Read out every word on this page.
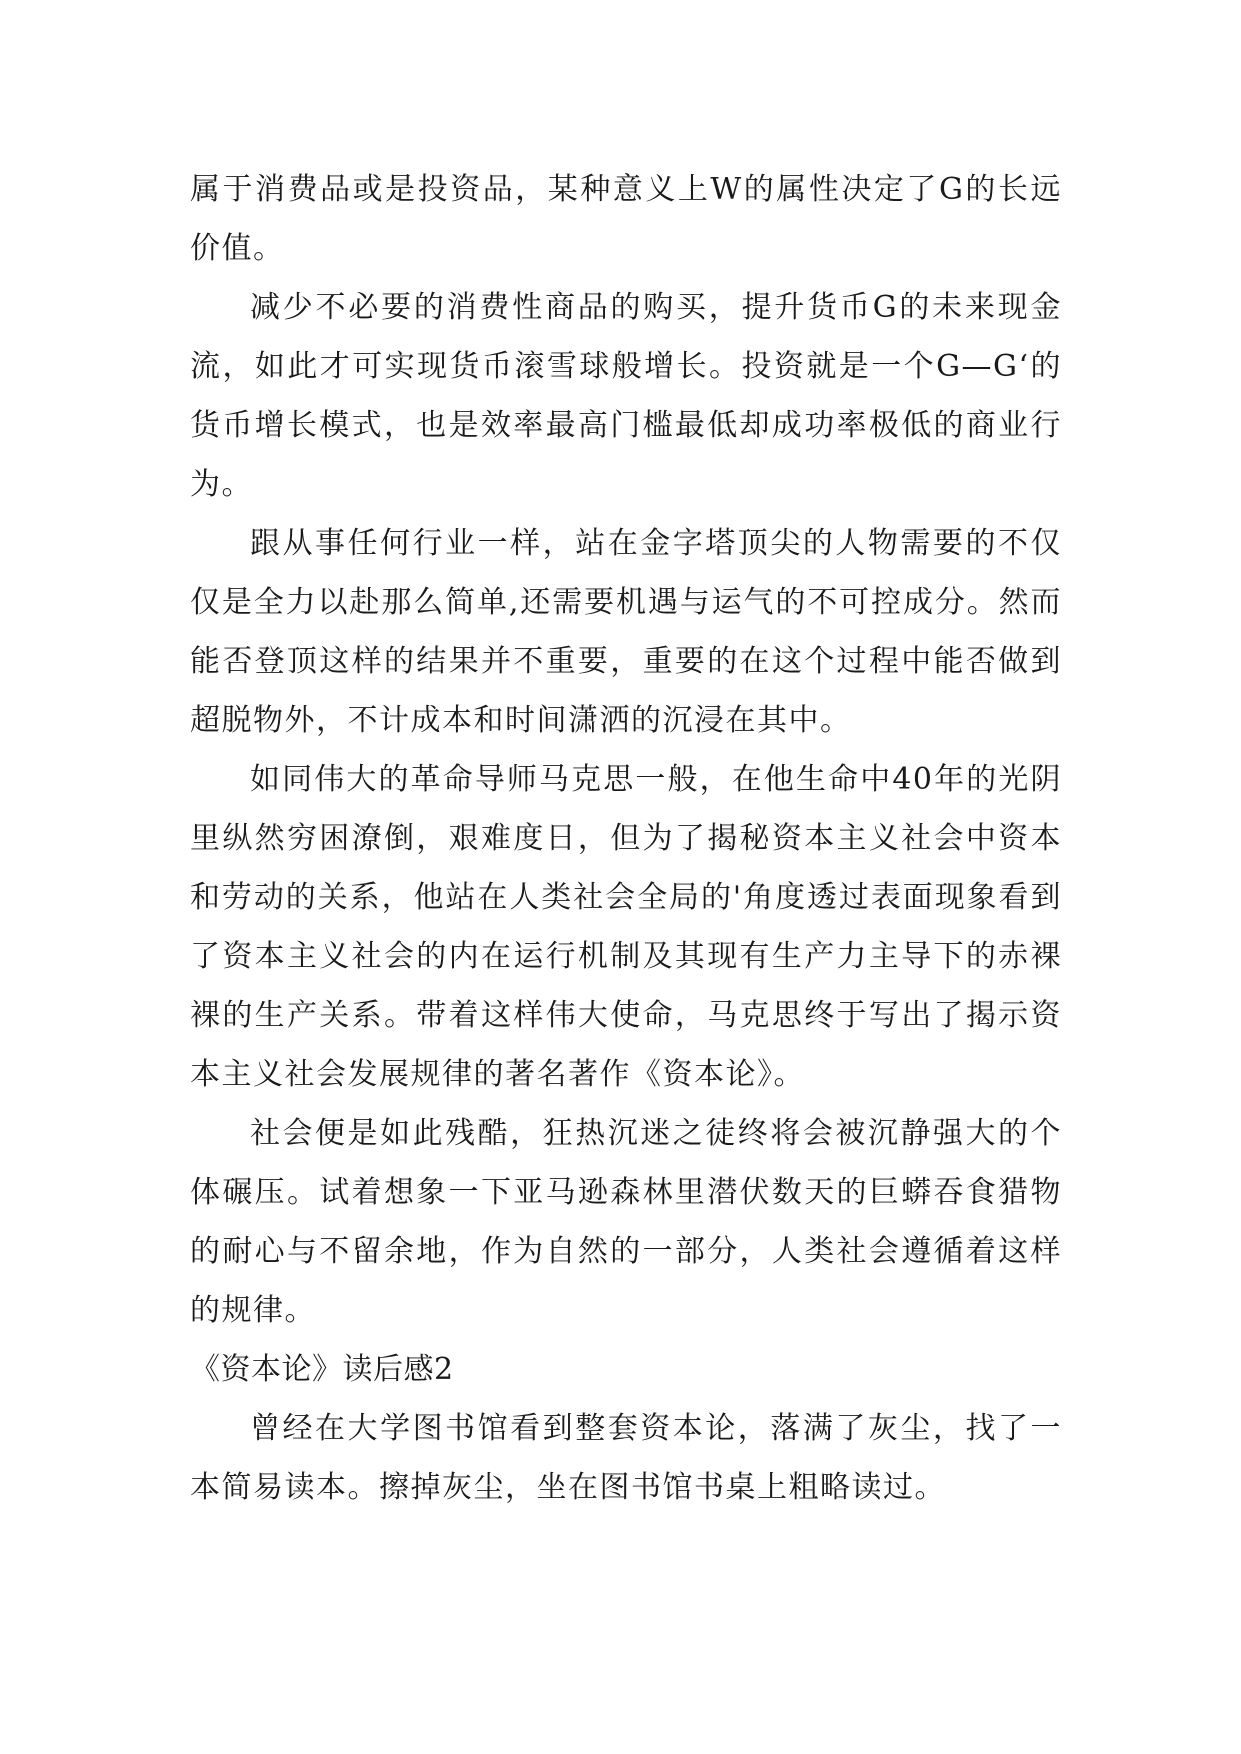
属于消费品或是投资品，某种意义上W的属性决定了G的长远价值。

减少不必要的消费性商品的购买，提升货币G的未来现金流，如此才可实现货币滚雪球般增长。投资就是一个G—G‘的货币增长模式，也是效率最高门槛最低却成功率极低的商业行为。

跟从事任何行业一样，站在金字塔顶尖的人物需要的不仅仅是全力以赴那么简单,还需要机遇与运气的不可控成分。然而能否登顶这样的结果并不重要，重要的在这个过程中能否做到超脱物外，不计成本和时间潇洒的沉浸在其中。

如同伟大的革命导师马克思一般，在他生命中40年的光阴里纵然穷困潦倒，艰难度日，但为了揭秘资本主义社会中资本和劳动的关系，他站在人类社会全局的'角度透过表面现象看到了资本主义社会的内在运行机制及其现有生产力主导下的赤裸裸的生产关系。带着这样伟大使命，马克思终于写出了揭示资本主义社会发展规律的著名著作《资本论》。

社会便是如此残酷，狂热沉迷之徒终将会被沉静强大的个体碾压。试着想象一下亚马逊森林里潜伏数天的巨蟒吞食猎物的耐心与不留余地，作为自然的一部分，人类社会遵循着这样的规律。

《资本论》读后感2

曾经在大学图书馆看到整套资本论，落满了灰尘，找了一本简易读本。擦掉灰尘，坐在图书馆书桌上粗略读过。
